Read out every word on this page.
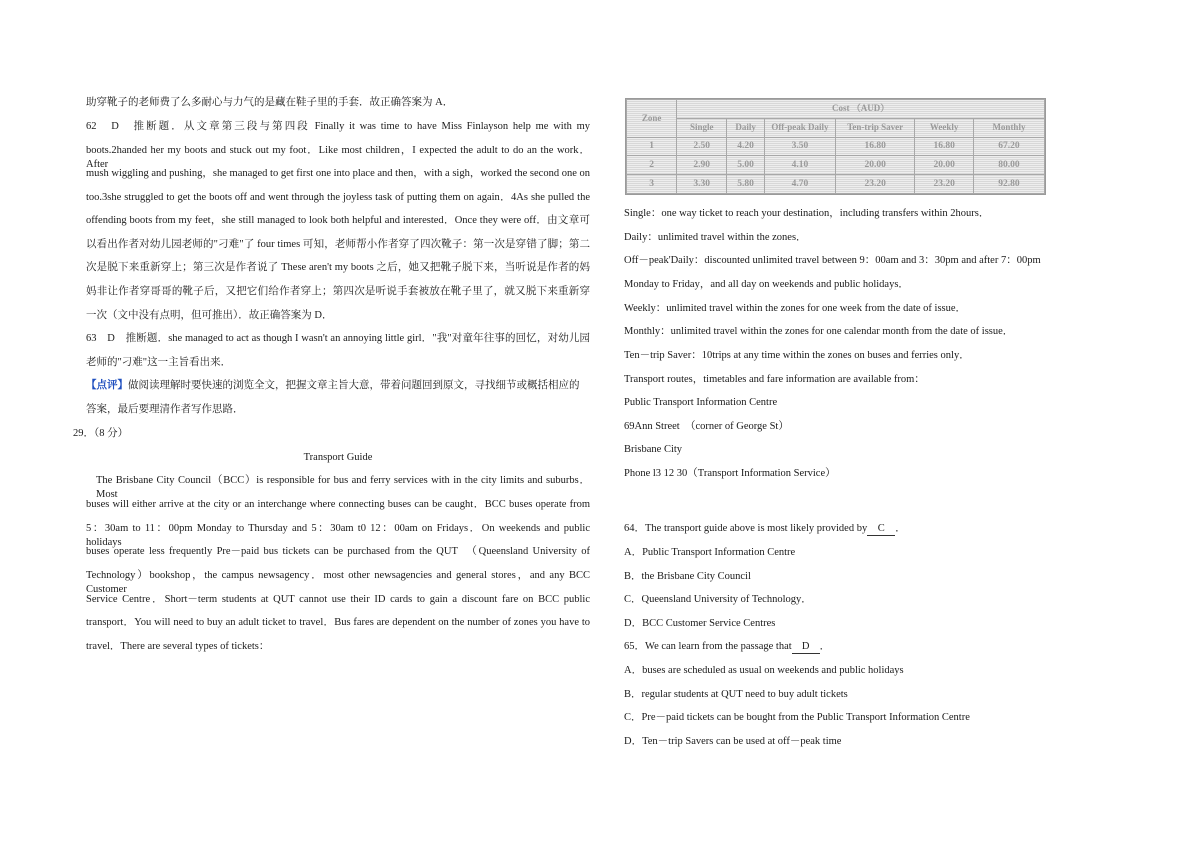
助穿靴子的老师费了么多耐心与力气的是藏在鞋子里的手套．故正确答案为 A．
62　D　推断题．从文章第三段与第四段 Finally it was time to have Miss Finlayson help me with my
boots.2handed her my boots and stuck out my foot．Like most children，I expected the adult to do an the work．After
mush wiggling and pushing，she managed to get first one into place and then，with a sigh，worked the second one on
too.3she struggled to get the boots off and went through the joyless task of putting them on again．4As she pulled the
offending boots from my feet，she still managed to look both helpful and interested．Once they were off．由文章可
以看出作者对幼儿园老师的"刁难"了 four times 可知，老师帮小作者穿了四次靴子：第一次是穿错了脚；第二
次是脱下来重新穿上；第三次是作者说了 These aren't my boots 之后，她又把靴子脱下来，当听说是作者的妈
妈非让作者穿哥哥的靴子后，又把它们给作者穿上；第四次是听说手套被放在靴子里了，就又脱下来重新穿
一次（文中没有点明，但可推出）．故正确答案为 D．
63　D　推断题．she managed to act as though I wasn't an annoying little girl．"我"对童年往事的回忆，对幼儿园
老师的"刁难"这一主旨看出来．
【点评】做阅读理解时要快速的浏览全文，把握文章主旨大意，带着问题回到原文，寻找细节或概括相应的
答案，最后要理清作者写作思路．
29．（8 分）
Transport Guide
The Brisbane City Council（BCC）is responsible for bus and ferry services with in the city limits and suburbs．Most
buses will either arrive at the city or an interchange where connecting buses can be caught．BCC buses operate from
5：30am to 11：00pm Monday to Thursday and 5：30am t0 12：00am on Fridays．On weekends and public holidays
buses operate less frequently Pre－paid bus tickets can be purchased from the QUT　（Queensland University of
Technology）bookshop，the campus newsagency．most other newsagencies and general stores，and any BCC Customer
Service Centre．Short－term students at QUT cannot use their ID cards to gain a discount fare on BCC public
transport．You will need to buy an adult ticket to travel．Bus fares are dependent on the number of zones you have to
travel．There are several types of tickets：
Zone	Cost （AUD）					
	Single	Daily	Off-peak Daily	Ten-trip Saver	Weekly	Monthly
1	2.50	4.20	3.50	16.80	16.80	67.20
2	2.90	5.00	4.10	20.00	20.00	80.00
3	3.30	5.80	4.70	23.20	23.20	92.80
Single：one way ticket to reach your destination，including transfers within 2hours．
Daily：unlimited travel within the zones．
Off－peak'Daily：discounted unlimited travel between 9：00am and 3：30pm and after 7：00pm
Monday to Friday，and all day on weekends and public holidays．
Weekly：unlimited travel within the zones for one week from the date of issue．
Monthly：unlimited travel within the zones for one calendar month from the date of issue．
Ten－trip Saver：10trips at any time within the zones on buses and ferries only．
Transport routes，timetables and fare information are available from：
Public Transport Information Centre
69Ann Street　（corner of George St）
Brisbane City
Phone l3 12 30（Transport Information Service）
64．The transport guide above is most likely provided by C ．
A．Public Transport Information Centre
B．the Brisbane City Council
C．Queensland University of Technology．
D．BCC Customer Service Centres
65．We can learn from the passage that D ．
A．buses are scheduled as usual on weekends and public holidays
B．regular students at QUT need to buy adult tickets
C．Pre－paid tickets can be bought from the Public Transport Information Centre
D．Ten－trip Savers can be used at off－peak time
